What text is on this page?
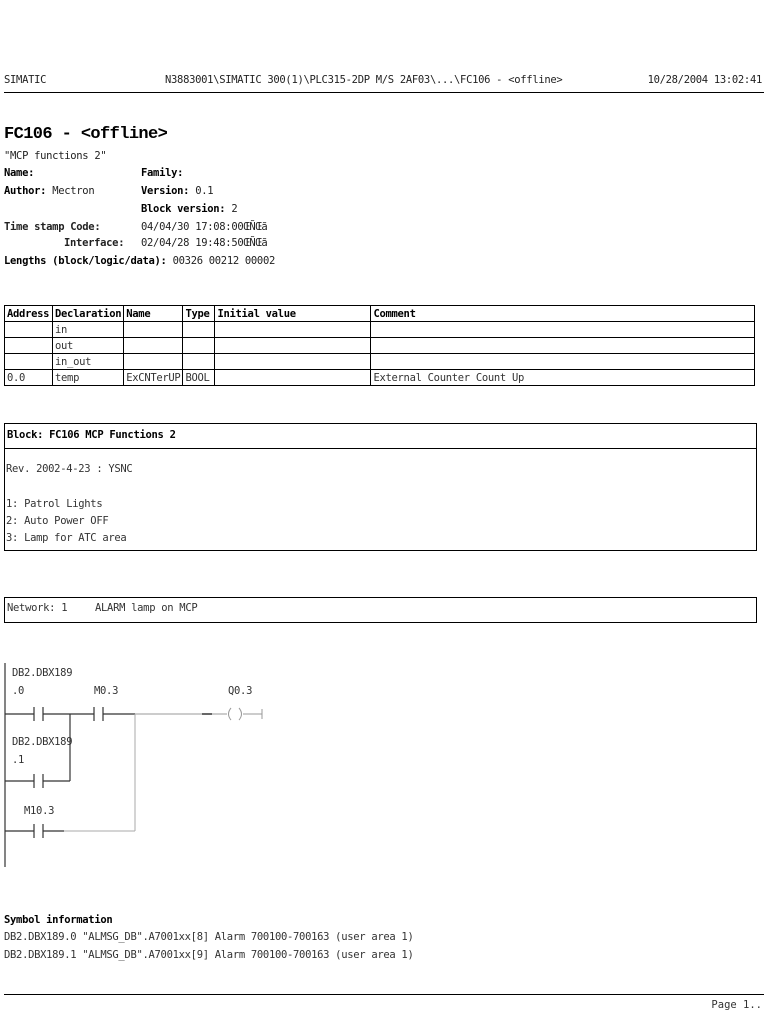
SIMATIC	N3883001\SIMATIC 300(1)\PLC315-2DP M/S 2AF03\...\FC106 - <offline>	10/28/2004 13:02:41
FC106 - <offline>
"MCP functions 2"
Name:	Family:
Author: Mectron	Version: 0.1
Block version: 2
Time stamp Code:	04/04/30 17:08:00ŒÑŒã
Interface: 02/04/28 19:48:50ŒÑŒã
Lengths (block/logic/data): 00326 00212 00002
Address	Declaration	Name	Type	Initial value	Comment
	in				
	out				
	in_out				
0.0	temp	ExCNTerUP	BOOL		External Counter Count Up
Block: FC106 MCP Functions 2
Rev. 2002-4-23 : YSNC
1: Patrol Lights
2: Auto Power OFF
3: Lamp for ATC area
Network: 1	ALARM lamp on MCP
DB2.DBX189
.0	M0.3	Q0.3
DB2.DBX189
.1
M10.3
Symbol information
DB2.DBX189.0 "ALMSG_DB".A7001xx[8] Alarm 700100-700163 (user area 1)
DB2.DBX189.1 "ALMSG_DB".A7001xx[9] Alarm 700100-700163 (user area 1)
Page 1..
